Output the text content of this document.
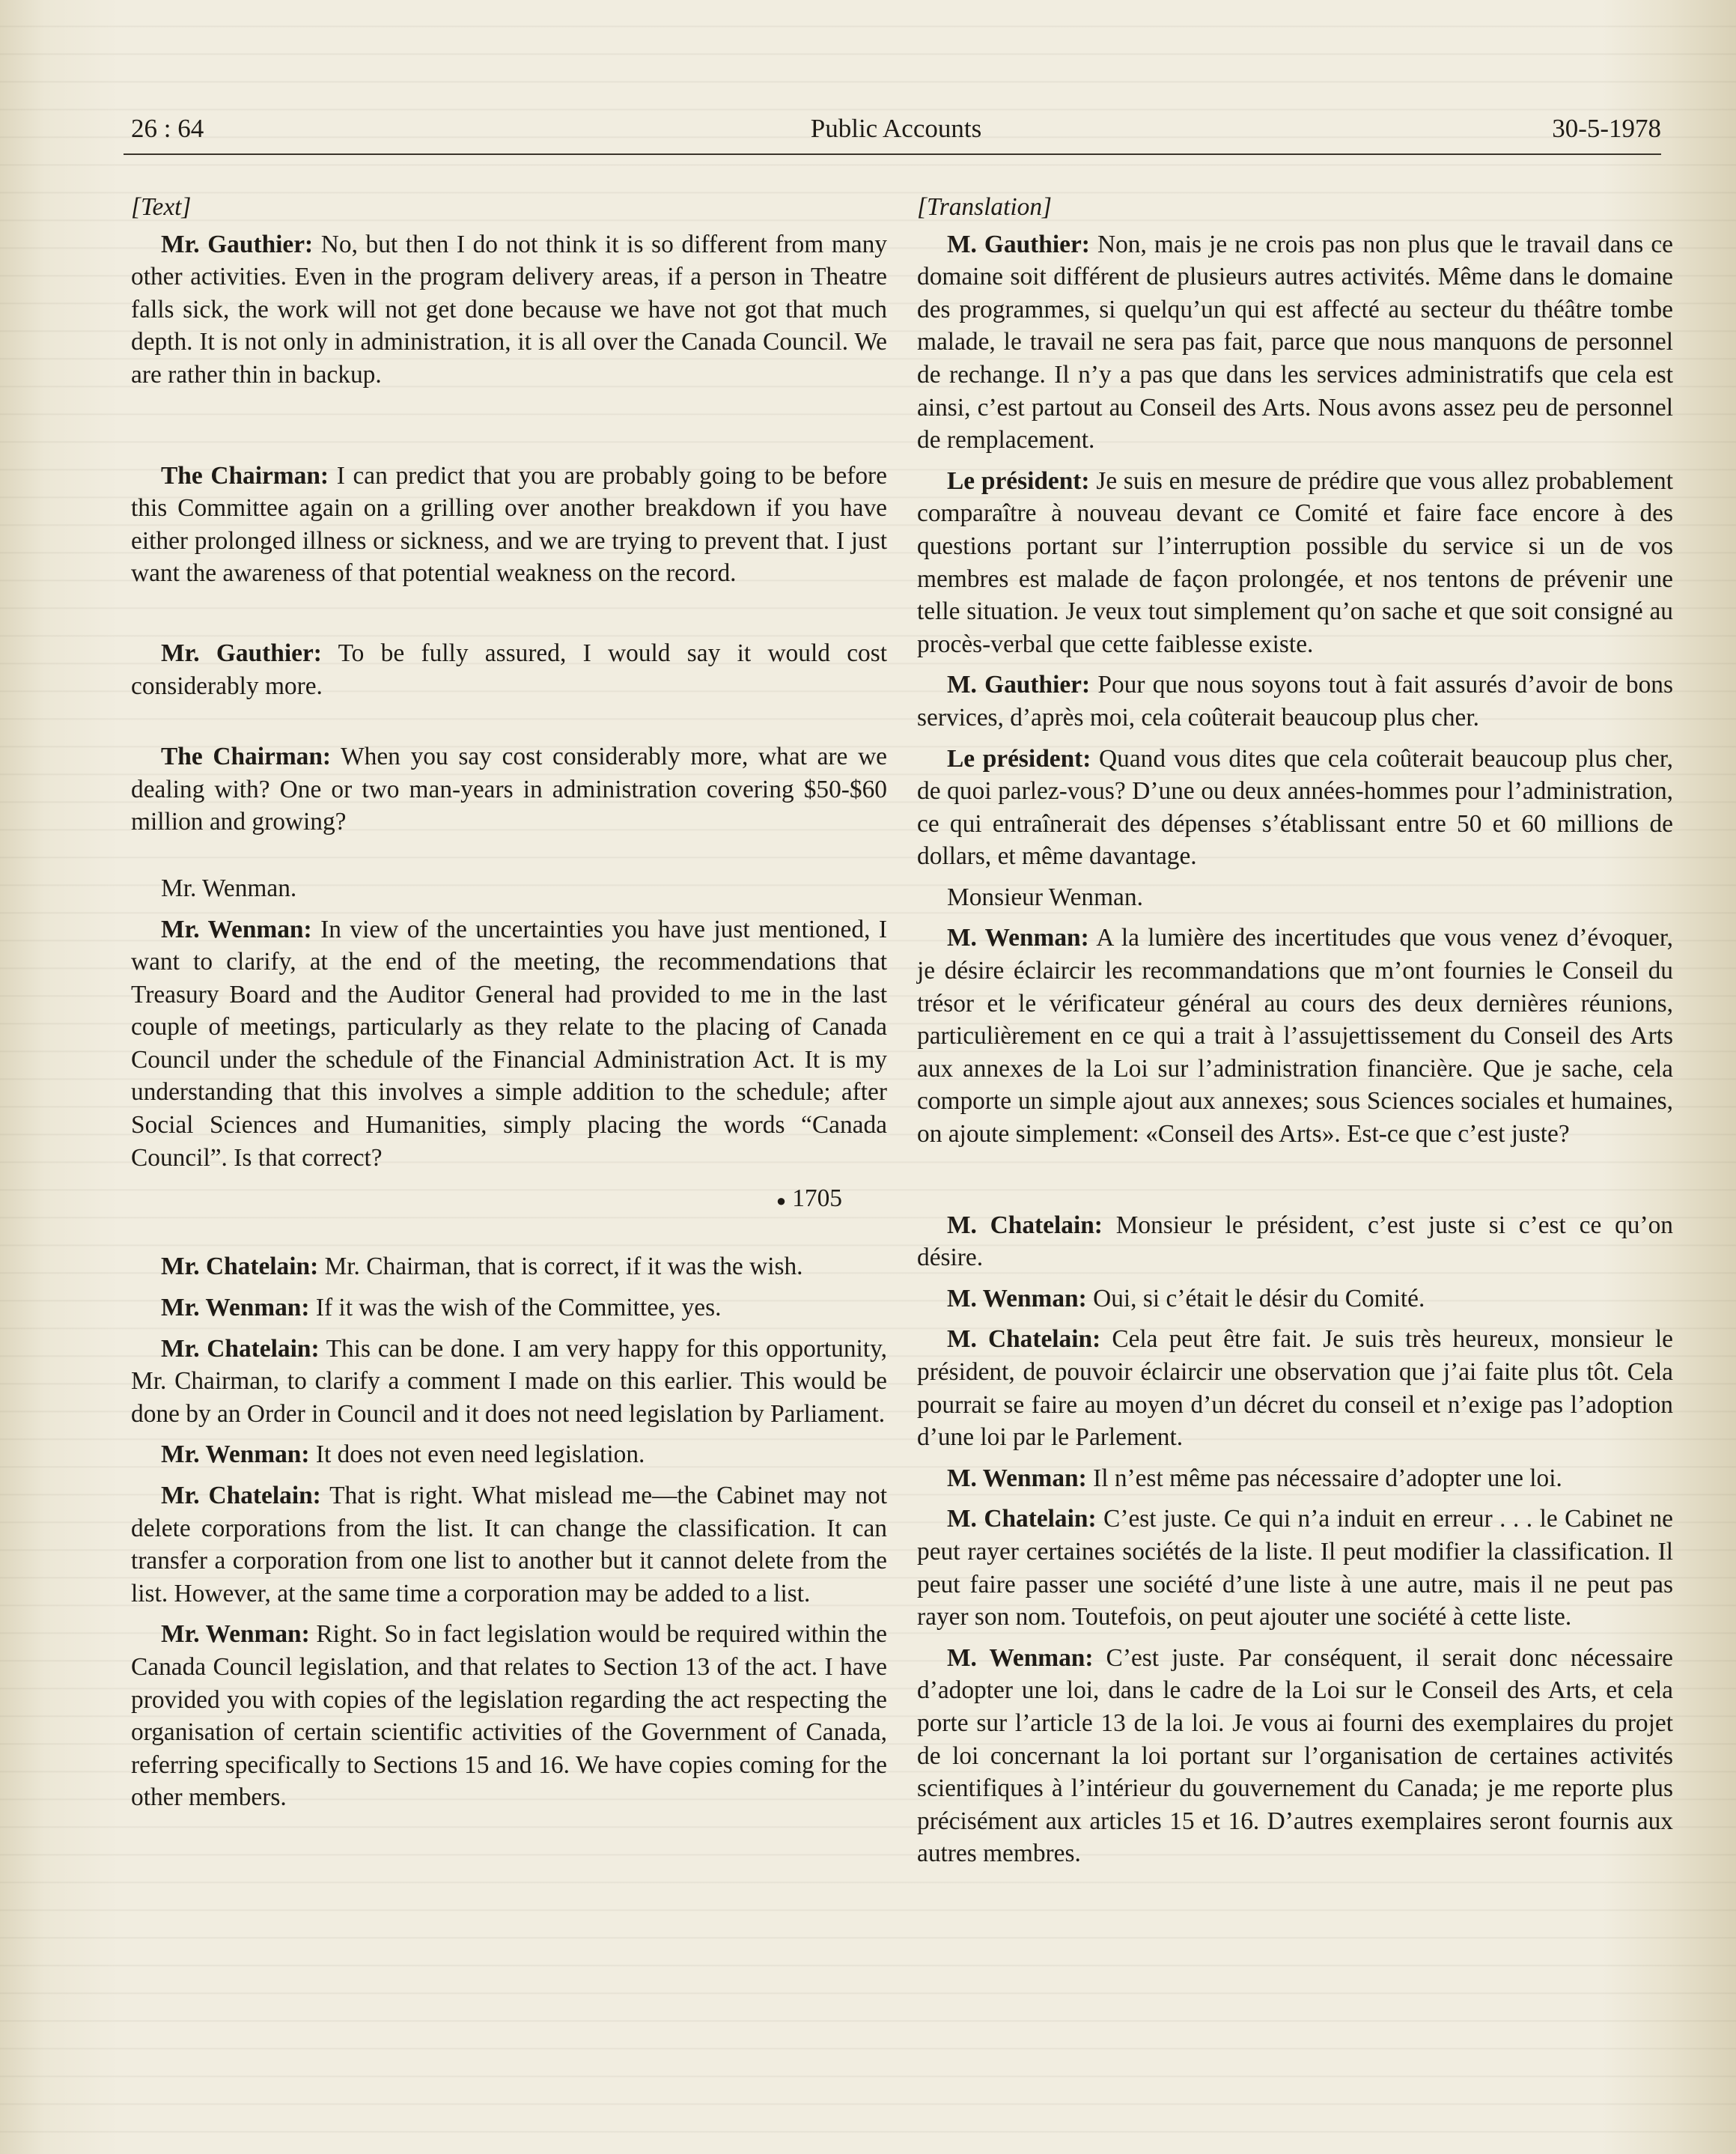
26 : 64	Public Accounts	30-5-1978
[Text]

Mr. Gauthier: No, but then I do not think it is so different from many other activities. Even in the program delivery areas, if a person in Theatre falls sick, the work will not get done because we have not got that much depth. It is not only in administration, it is all over the Canada Council. We are rather thin in backup.

The Chairman: I can predict that you are probably going to be before this Committee again on a grilling over another breakdown if you have either prolonged illness or sickness, and we are trying to prevent that. I just want the awareness of that potential weakness on the record.

Mr. Gauthier: To be fully assured, I would say it would cost considerably more.

The Chairman: When you say cost considerably more, what are we dealing with? One or two man-years in administration covering $50-$60 million and growing?

Mr. Wenman.

Mr. Wenman: In view of the uncertainties you have just mentioned, I want to clarify, at the end of the meeting, the recommendations that Treasury Board and the Auditor General had provided to me in the last couple of meetings, particularly as they relate to the placing of Canada Council under the schedule of the Financial Administration Act. It is my understanding that this involves a simple addition to the schedule; after Social Sciences and Humanities, simply placing the words “Canada Council”. Is that correct?

● 1705

Mr. Chatelain: Mr. Chairman, that is correct, if it was the wish.

Mr. Wenman: If it was the wish of the Committee, yes.

Mr. Chatelain: This can be done. I am very happy for this opportunity, Mr. Chairman, to clarify a comment I made on this earlier. This would be done by an Order in Council and it does not need legislation by Parliament.

Mr. Wenman: It does not even need legislation.

Mr. Chatelain: That is right. What mislead me—the Cabinet may not delete corporations from the list. It can change the classification. It can transfer a corporation from one list to another but it cannot delete from the list. However, at the same time a corporation may be added to a list.

Mr. Wenman: Right. So in fact legislation would be required within the Canada Council legislation, and that relates to Section 13 of the act. I have provided you with copies of the legislation regarding the act respecting the organisation of certain scientific activities of the Government of Canada, referring specifically to Sections 15 and 16. We have copies coming for the other members.

[Translation]

M. Gauthier: Non, mais je ne crois pas non plus que le travail dans ce domaine soit différent de plusieurs autres activités. Même dans le domaine des programmes, si quelqu’un qui est affecté au secteur du théâtre tombe malade, le travail ne sera pas fait, parce que nous manquons de personnel de rechange. Il n’y a pas que dans les services administratifs que cela est ainsi, c’est partout au Conseil des Arts. Nous avons assez peu de personnel de remplacement.

Le président: Je suis en mesure de prédire que vous allez probablement comparaître à nouveau devant ce Comité et faire face encore à des questions portant sur l’interruption possible du service si un de vos membres est malade de façon prolongée, et nos tentons de prévenir une telle situation. Je veux tout simplement qu’on sache et que soit consigné au procès-verbal que cette faiblesse existe.

M. Gauthier: Pour que nous soyons tout à fait assurés d’avoir de bons services, d’après moi, cela coûterait beaucoup plus cher.

Le président: Quand vous dites que cela coûterait beaucoup plus cher, de quoi parlez-vous? D’une ou deux années-hommes pour l’administration, ce qui entraînerait des dépenses s’établissant entre 50 et 60 millions de dollars, et même davantage.

Monsieur Wenman.

M. Wenman: A la lumière des incertitudes que vous venez d’évoquer, je désire éclaircir les recommandations que m’ont fournies le Conseil du trésor et le vérificateur général au cours des deux dernières réunions, particulièrement en ce qui a trait à l’assujettissement du Conseil des Arts aux annexes de la Loi sur l’administration financière. Que je sache, cela comporte un simple ajout aux annexes; sous Sciences sociales et humaines, on ajoute simplement: «Conseil des Arts». Est-ce que c’est juste?

M. Chatelain: Monsieur le président, c’est juste si c’est ce qu’on désire.

M. Wenman: Oui, si c’était le désir du Comité.

M. Chatelain: Cela peut être fait. Je suis très heureux, monsieur le président, de pouvoir éclaircir une observation que j’ai faite plus tôt. Cela pourrait se faire au moyen d’un décret du conseil et n’exige pas l’adoption d’une loi par le Parlement.

M. Wenman: Il n’est même pas nécessaire d’adopter une loi.

M. Chatelain: C’est juste. Ce qui n’a induit en erreur . . . le Cabinet ne peut rayer certaines sociétés de la liste. Il peut modifier la classification. Il peut faire passer une société d’une liste à une autre, mais il ne peut pas rayer son nom. Toutefois, on peut ajouter une société à cette liste.

M. Wenman: C’est juste. Par conséquent, il serait donc nécessaire d’adopter une loi, dans le cadre de la Loi sur le Conseil des Arts, et cela porte sur l’article 13 de la loi. Je vous ai fourni des exemplaires du projet de loi concernant la loi portant sur l’organisation de certaines activités scientifiques à l’intérieur du gouvernement du Canada; je me reporte plus précisément aux articles 15 et 16. D’autres exemplaires seront fournis aux autres membres.
